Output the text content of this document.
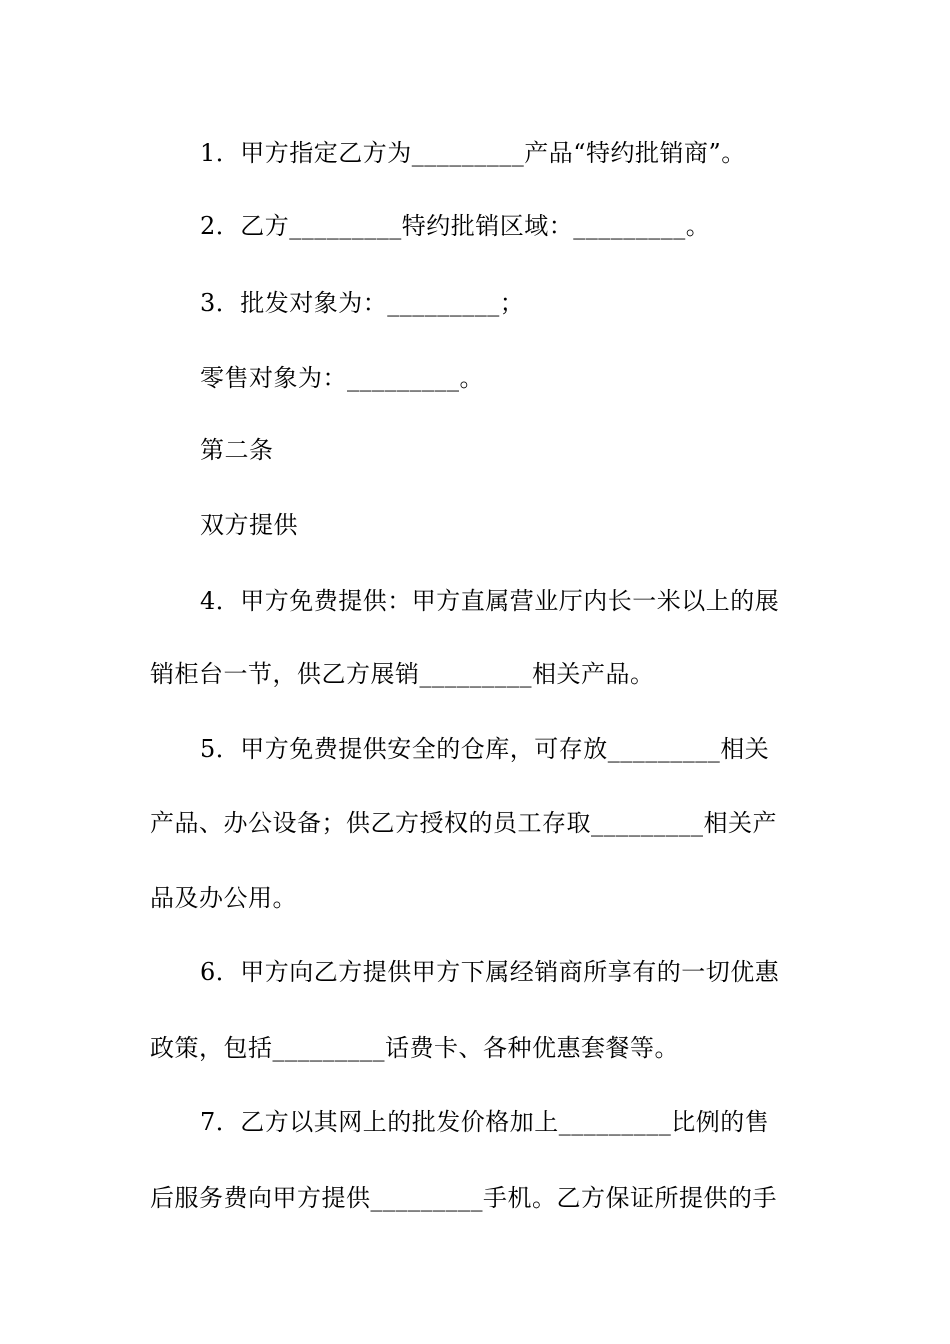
1．甲方指定乙方为_________产品“特约批销商”。
2．乙方_________特约批销区域：_________。
3．批发对象为：_________；
零售对象为：_________。
第二条
双方提供
4．甲方免费提供：甲方直属营业厅内长一米以上的展
销柜台一节，供乙方展销_________相关产品。
5．甲方免费提供安全的仓库，可存放_________相关
产品、办公设备；供乙方授权的员工存取_________相关产
品及办公用。
6．甲方向乙方提供甲方下属经销商所享有的一切优惠
政策，包括_________话费卡、各种优惠套餐等。
7．乙方以其网上的批发价格加上_________比例的售
后服务费向甲方提供_________手机。乙方保证所提供的手
